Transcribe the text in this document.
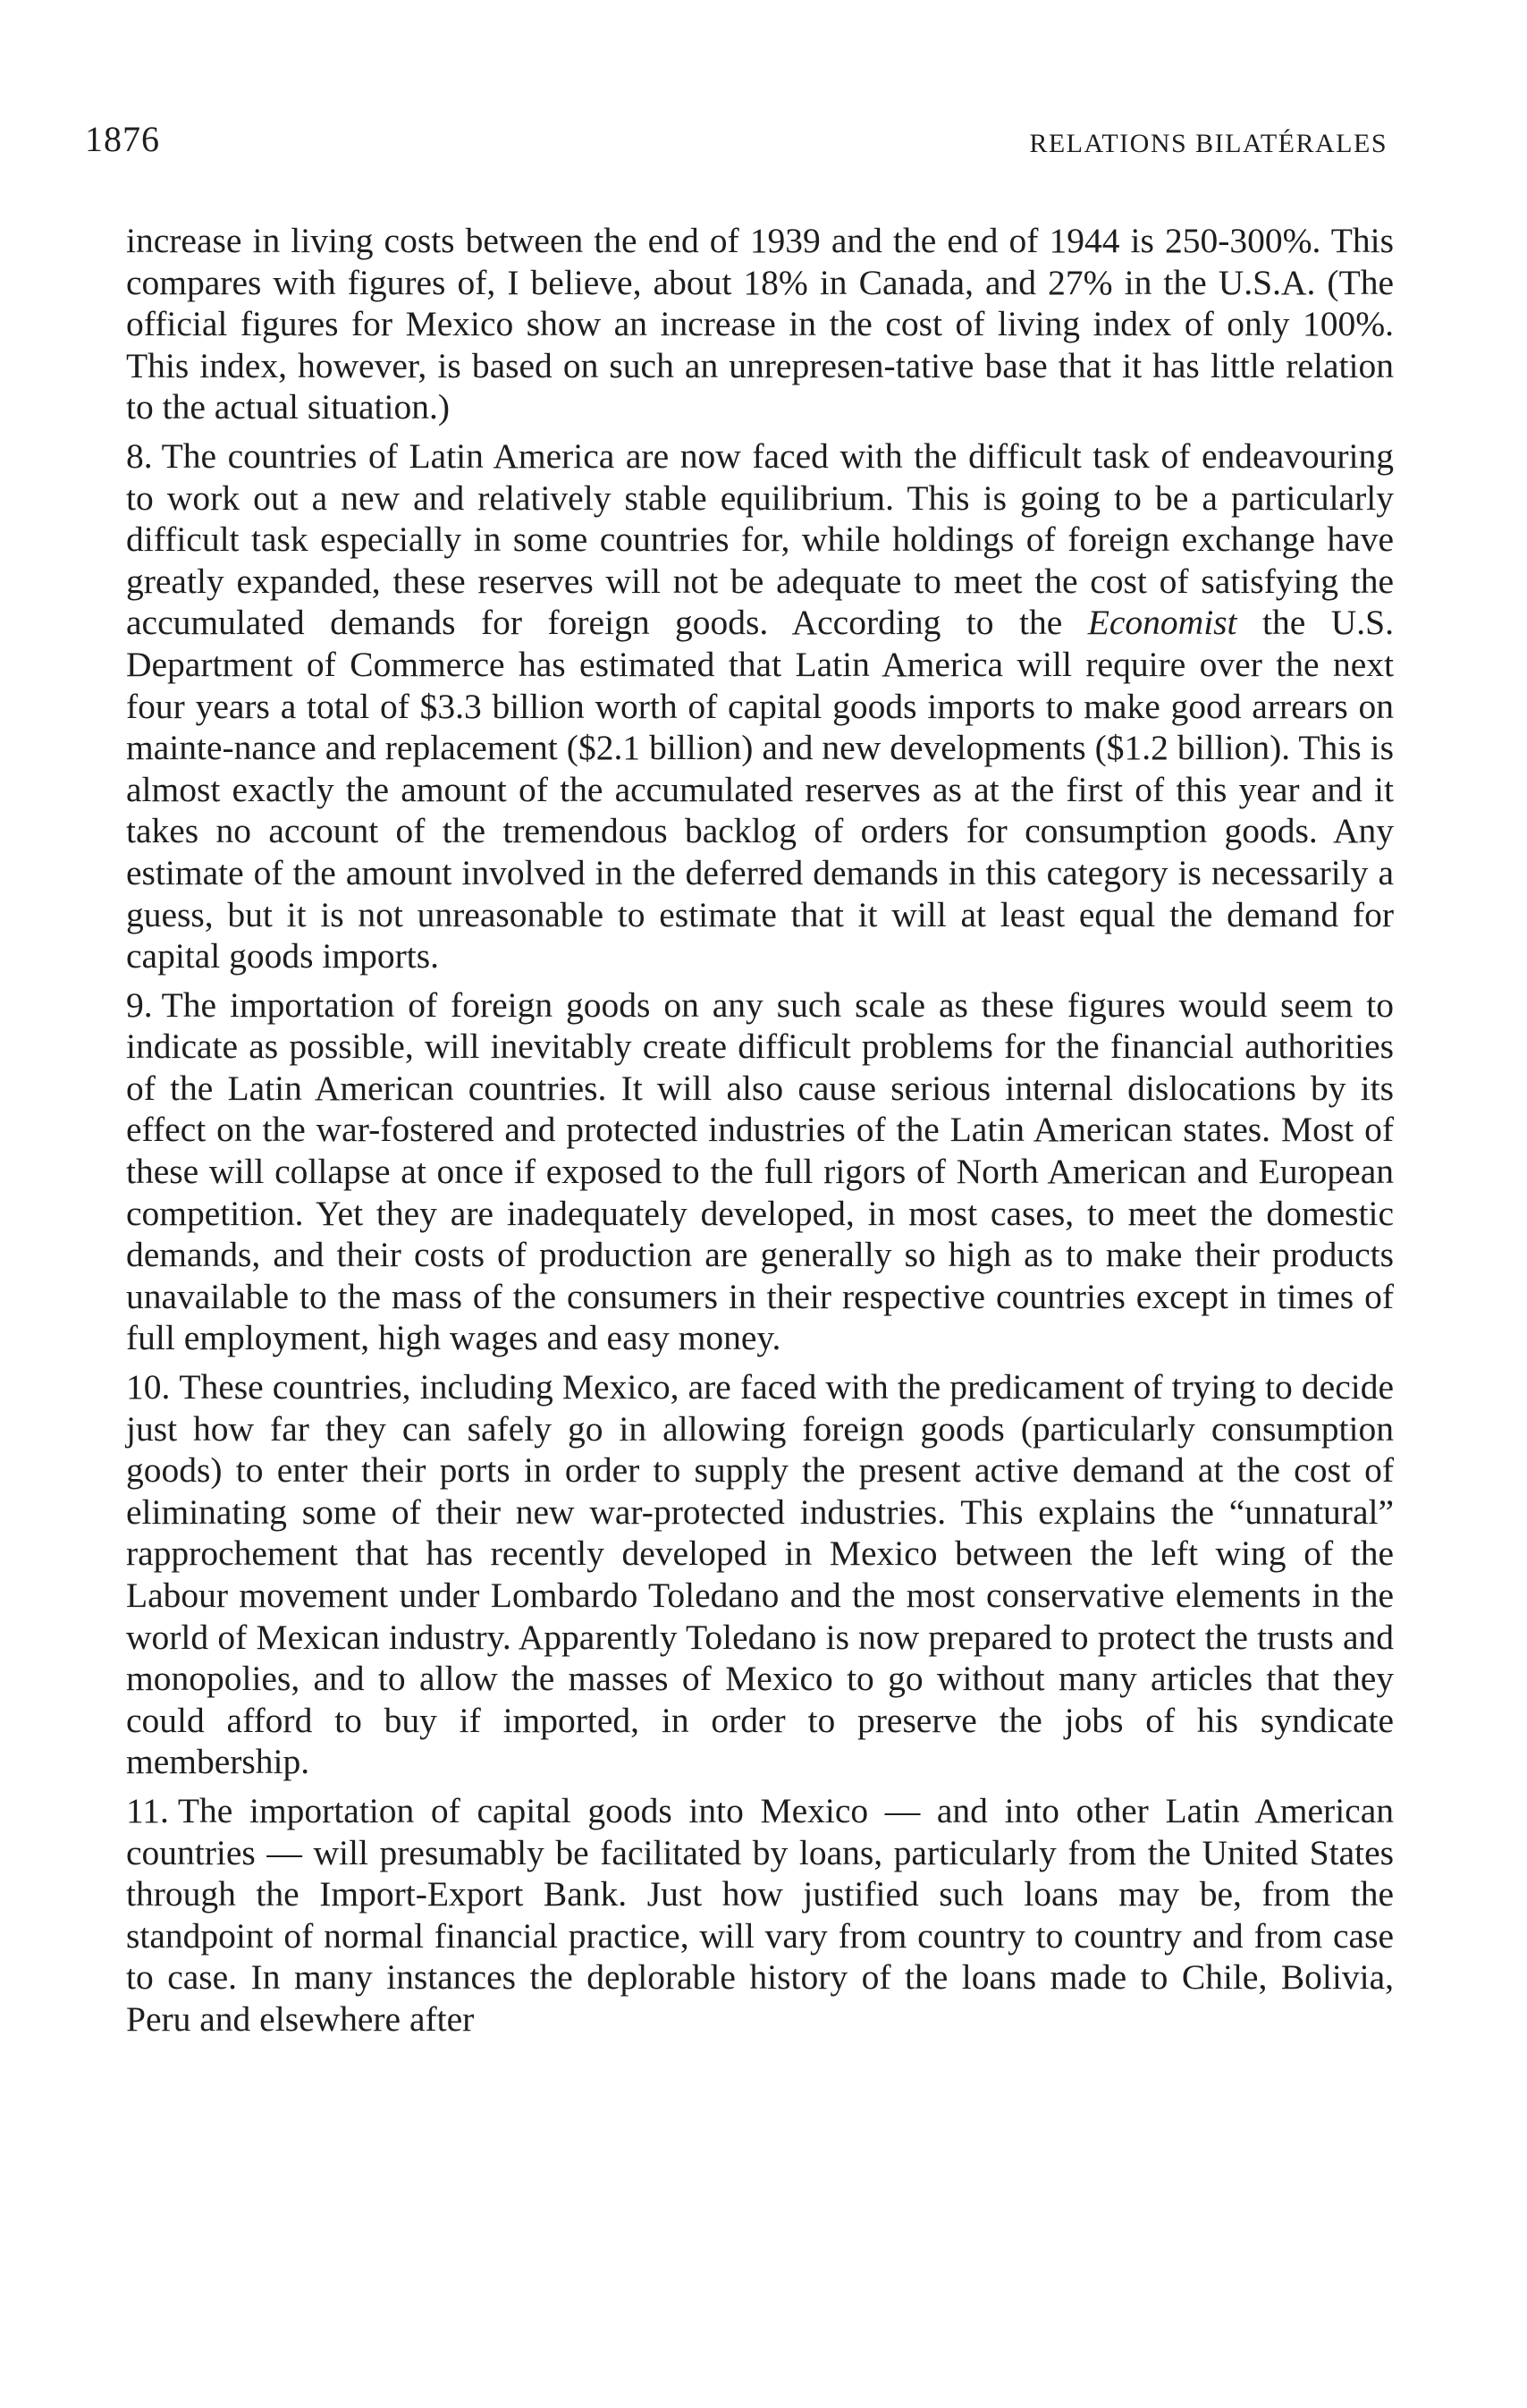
1876	RELATIONS BILATÉRALES

increase in living costs between the end of 1939 and the end of 1944 is 250-300%. This compares with figures of, I believe, about 18% in Canada, and 27% in the U.S.A. (The official figures for Mexico show an increase in the cost of living index of only 100%. This index, however, is based on such an unrepresen-tative base that it has little relation to the actual situation.)

8. The countries of Latin America are now faced with the difficult task of endeavouring to work out a new and relatively stable equilibrium. This is going to be a particularly difficult task especially in some countries for, while holdings of foreign exchange have greatly expanded, these reserves will not be adequate to meet the cost of satisfying the accumulated demands for foreign goods. According to the Economist the U.S. Department of Commerce has estimated that Latin America will require over the next four years a total of $3.3 billion worth of capital goods imports to make good arrears on mainte-nance and replacement ($2.1 billion) and new developments ($1.2 billion). This is almost exactly the amount of the accumulated reserves as at the first of this year and it takes no account of the tremendous backlog of orders for consumption goods. Any estimate of the amount involved in the deferred demands in this category is necessarily a guess, but it is not unreasonable to estimate that it will at least equal the demand for capital goods imports.

9. The importation of foreign goods on any such scale as these figures would seem to indicate as possible, will inevitably create difficult problems for the financial authorities of the Latin American countries. It will also cause serious internal dislocations by its effect on the war-fostered and protected industries of the Latin American states. Most of these will collapse at once if exposed to the full rigors of North American and European competition. Yet they are inadequately developed, in most cases, to meet the domestic demands, and their costs of production are generally so high as to make their products unavailable to the mass of the consumers in their respective countries except in times of full employment, high wages and easy money.

10. These countries, including Mexico, are faced with the predicament of trying to decide just how far they can safely go in allowing foreign goods (particularly consumption goods) to enter their ports in order to supply the present active demand at the cost of eliminating some of their new war-protected industries. This explains the “unnatural” rapprochement that has recently developed in Mexico between the left wing of the Labour movement under Lombardo Toledano and the most conservative elements in the world of Mexican industry. Apparently Toledano is now prepared to protect the trusts and monopolies, and to allow the masses of Mexico to go without many articles that they could afford to buy if imported, in order to preserve the jobs of his syndicate membership.

11. The importation of capital goods into Mexico — and into other Latin American countries — will presumably be facilitated by loans, particularly from the United States through the Import-Export Bank. Just how justified such loans may be, from the standpoint of normal financial practice, will vary from country to country and from case to case. In many instances the deplorable history of the loans made to Chile, Bolivia, Peru and elsewhere after
